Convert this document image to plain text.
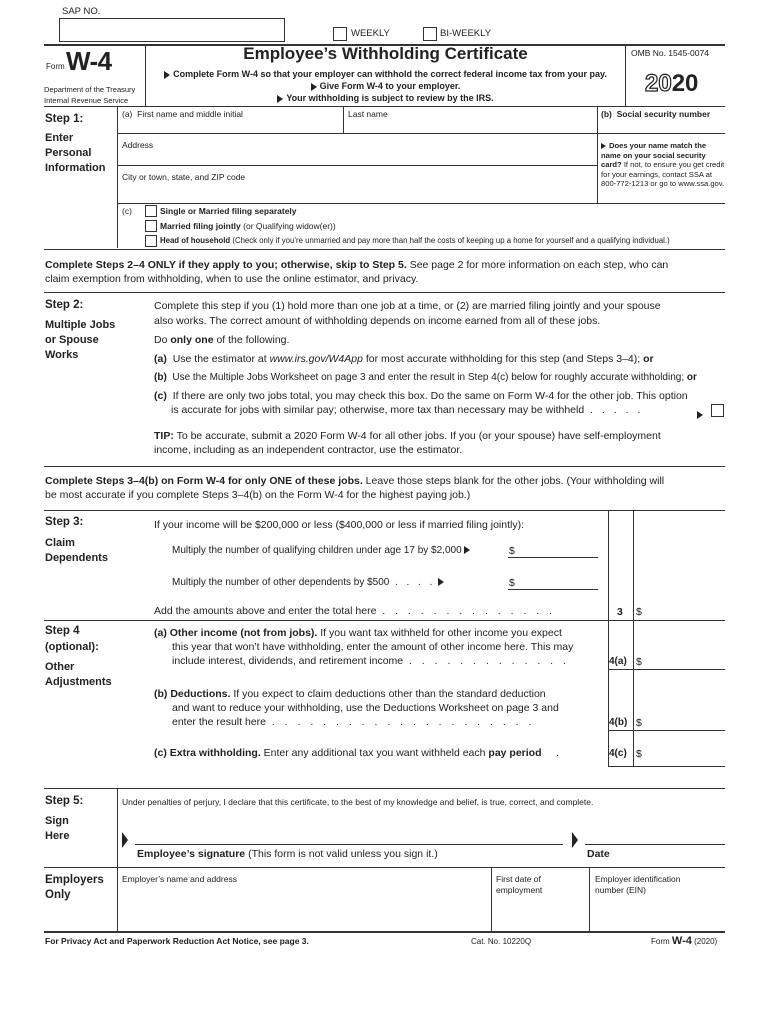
SAP NO.
WEEKLY	BI-WEEKLY
Form W-4
Department of the Treasury
Internal Revenue Service
Employee’s Withholding Certificate
Complete Form W-4 so that your employer can withhold the correct federal income tax from your pay.
Give Form W-4 to your employer.
Your withholding is subject to review by the IRS.
OMB No. 1545-0074
2020
Step 1:
Enter
Personal
Information
(a) First name and middle initial	Last name	(b) Social security number
Address
City or town, state, and ZIP code
Does your name match the name on your social security card? If not, to ensure you get credit for your earnings, contact SSA at 800-772-1213 or go to www.ssa.gov.
(c)	Single or Married filing separately
Married filing jointly (or Qualifying widow(er))
Head of household (Check only if you’re unmarried and pay more than half the costs of keeping up a home for yourself and a qualifying individual.)
Complete Steps 2–4 ONLY if they apply to you; otherwise, skip to Step 5. See page 2 for more information on each step, who can
claim exemption from withholding, when to use the online estimator, and privacy.
Step 2:
Multiple Jobs
or Spouse
Works
Complete this step if you (1) hold more than one job at a time, or (2) are married filing jointly and your spouse
also works. The correct amount of withholding depends on income earned from all of these jobs.
Do only one of the following.
(a) Use the estimator at www.irs.gov/W4App for most accurate withholding for this step (and Steps 3–4); or
(b) Use the Multiple Jobs Worksheet on page 3 and enter the result in Step 4(c) below for roughly accurate withholding; or
(c) If there are only two jobs total, you may check this box. Do the same on Form W-4 for the other job. This option
is accurate for jobs with similar pay; otherwise, more tax than necessary may be withheld . . . . .
TIP: To be accurate, submit a 2020 Form W-4 for all other jobs. If you (or your spouse) have self-employment
income, including as an independent contractor, use the estimator.
Complete Steps 3–4(b) on Form W-4 for only ONE of these jobs. Leave those steps blank for the other jobs. (Your withholding will
be most accurate if you complete Steps 3–4(b) on the Form W-4 for the highest paying job.)
Step 3:
Claim
Dependents
If your income will be $200,000 or less ($400,000 or less if married filing jointly):
Multiply the number of qualifying children under age 17 by $2,000	$
Multiply the number of other dependents by $500 . . . .	$
Add the amounts above and enter the total here . . . . . . . . . . . . . .	3 $
Step 4
(optional):
Other
Adjustments
(a) Other income (not from jobs). If you want tax withheld for other income you expect
this year that won’t have withholding, enter the amount of other income here. This may
include interest, dividends, and retirement income . . . . . . . . . . . . .	4(a) $
(b) Deductions. If you expect to claim deductions other than the standard deduction
and want to reduce your withholding, use the Deductions Worksheet on page 3 and
enter the result here . . . . . . . . . . . . . . . . . . . . .	4(b) $
(c) Extra withholding. Enter any additional tax you want withheld each pay period .	4(c) $
Step 5:
Sign
Here
Under penalties of perjury, I declare that this certificate, to the best of my knowledge and belief, is true, correct, and complete.
Employee’s signature (This form is not valid unless you sign it.)	Date
Employers
Only
Employer’s name and address	First date of
employment
Employer identification
number (EIN)
For Privacy Act and Paperwork Reduction Act Notice, see page 3.	Cat. No. 10220Q	Form W-4 (2020)
